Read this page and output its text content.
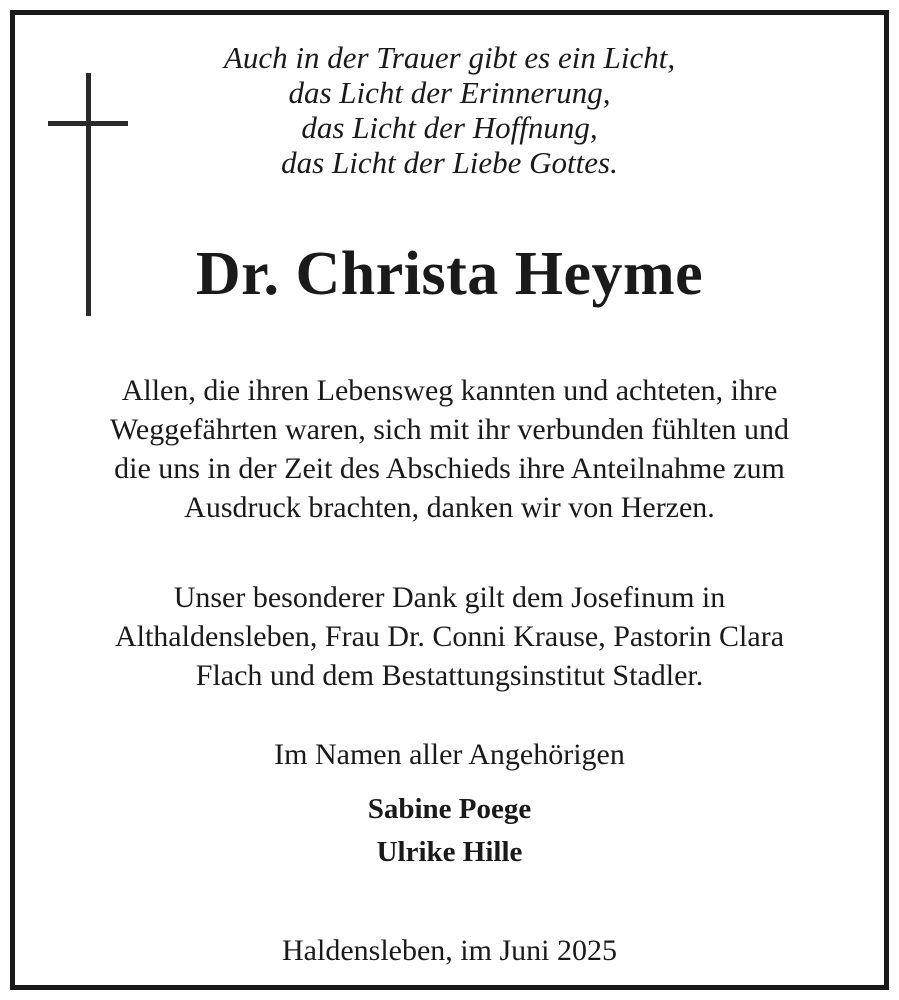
Auch in der Trauer gibt es ein Licht,
das Licht der Erinnerung,
das Licht der Hoffnung,
das Licht der Liebe Gottes.
Dr. Christa Heyme
Allen, die ihren Lebensweg kannten und achteten, ihre
Weggefährten waren, sich mit ihr verbunden fühlten und
die uns in der Zeit des Abschieds ihre Anteilnahme zum
Ausdruck brachten, danken wir von Herzen.
Unser besonderer Dank gilt dem Josefinum in
Althaldensleben, Frau Dr. Conni Krause, Pastorin Clara
Flach und dem Bestattungsinstitut Stadler.
Im Namen aller Angehörigen
Sabine Poege
Ulrike Hille
Haldensleben, im Juni 2025
